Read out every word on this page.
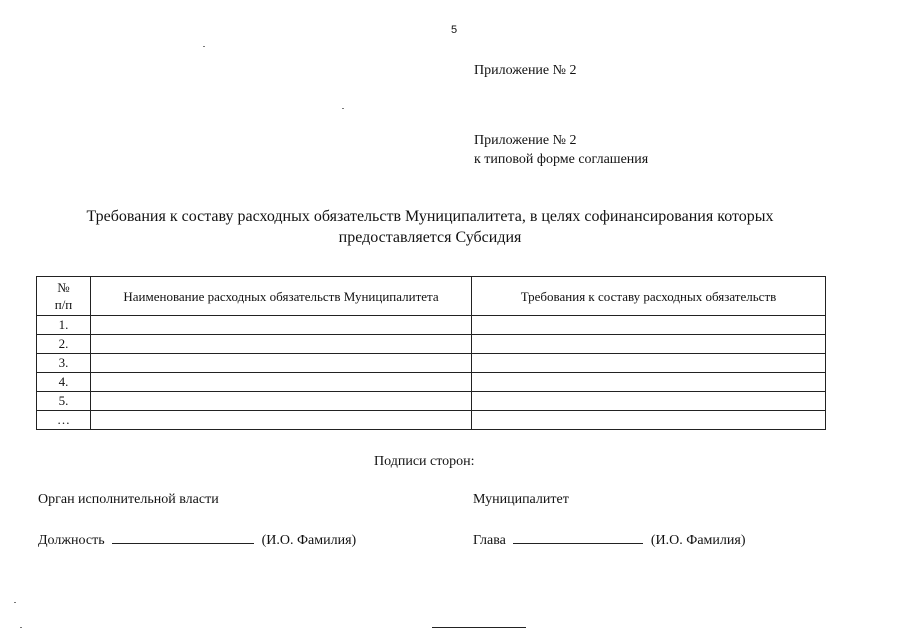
5
Приложение № 2
Приложение № 2
к типовой форме соглашения
Требования к составу расходных обязательств Муниципалитета, в целях софинансирования которых
предоставляется Субсидия
№
п/п	Наименование расходных обязательств Муниципалитета	Требования к составу расходных обязательств
1.		
2.		
3.		
4.		
5.		
…		
Подписи сторон:
Орган исполнительной власти	Муниципалитет
Должность	(И.О. Фамилия)	Глава	(И.О. Фамилия)
